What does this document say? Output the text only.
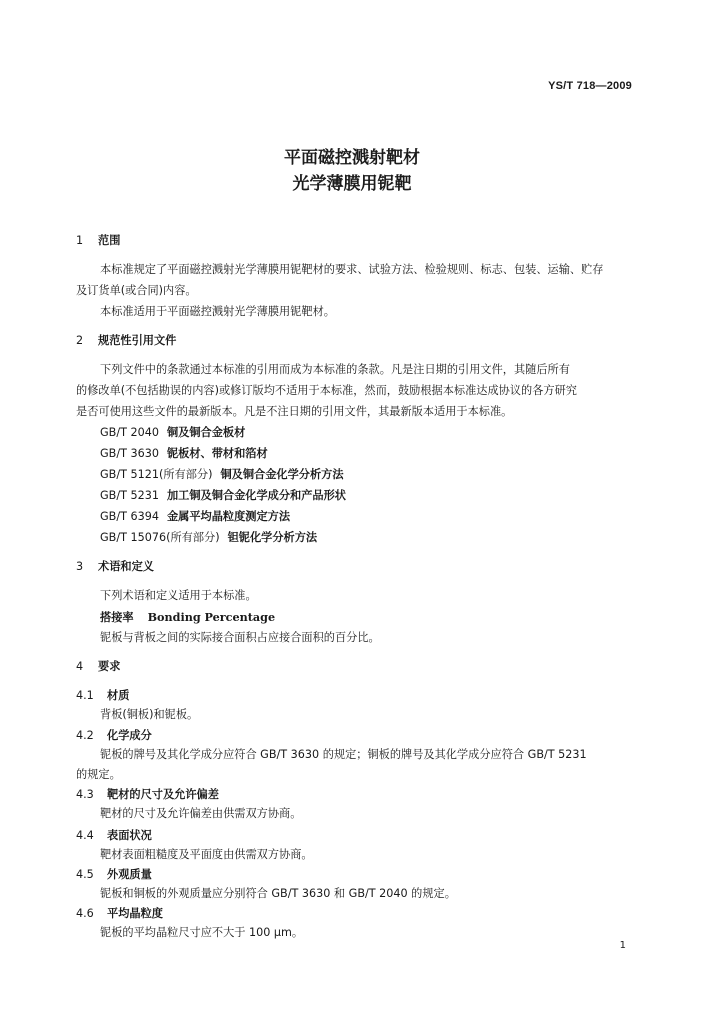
YS/T 718—2009
平面磁控溅射靶材
光学薄膜用铌靶
1 范围
本标准规定了平面磁控溅射光学薄膜用铌靶材的要求、试验方法、检验规则、标志、包装、运输、贮存
及订货单(或合同)内容。
本标准适用于平面磁控溅射光学薄膜用铌靶材。
2 规范性引用文件
下列文件中的条款通过本标准的引用而成为本标准的条款。凡是注日期的引用文件，其随后所有
的修改单(不包括勘误的内容)或修订版均不适用于本标准，然而，鼓励根据本标准达成协议的各方研究
是否可使用这些文件的最新版本。凡是不注日期的引用文件，其最新版本适用于本标准。
GB/T 2040 铜及铜合金板材
GB/T 3630 铌板材、带材和箔材
GB/T 5121(所有部分) 铜及铜合金化学分析方法
GB/T 5231 加工铜及铜合金化学成分和产品形状
GB/T 6394 金属平均晶粒度测定方法
GB/T 15076(所有部分) 钽铌化学分析方法
3 术语和定义
下列术语和定义适用于本标准。
搭接率 Bonding Percentage
铌板与背板之间的实际接合面积占应接合面积的百分比。
4 要求
4.1 材质
背板(铜板)和铌板。
4.2 化学成分
铌板的牌号及其化学成分应符合 GB/T 3630 的规定；铜板的牌号及其化学成分应符合 GB/T 5231
的规定。
4.3 靶材的尺寸及允许偏差
靶材的尺寸及允许偏差由供需双方协商。
4.4 表面状况
靶材表面粗糙度及平面度由供需双方协商。
4.5 外观质量
铌板和铜板的外观质量应分别符合 GB/T 3630 和 GB/T 2040 的规定。
4.6 平均晶粒度
铌板的平均晶粒尺寸应不大于 100 μm。
1
